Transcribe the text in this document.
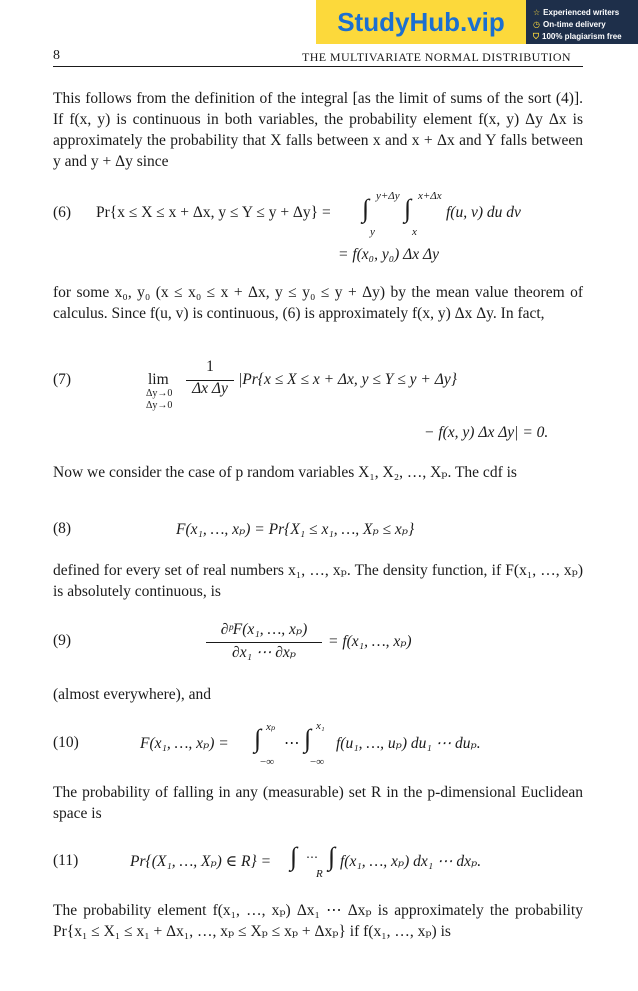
StudyHub.vip	☆ Experienced writers
◷ On-time delivery
⛉ 100% plagiarism free
8	THE MULTIVARIATE NORMAL DISTRIBUTION
This follows from the definition of the integral [as the limit of sums of the sort (4)]. If f(x, y) is continuous in both variables, the probability element f(x, y) Δy Δx is approximately the probability that X falls between x and x + Δx and Y falls between y and y + Δy since
(6) Pr{x ≤ X ≤ x + Δx, y ≤ Y ≤ y + Δy} = ∫ y+Δy
y
∫ x+Δx
x
f(u, v) du dv
= f(x₀, y₀) Δx Δy
for some x₀, y₀ (x ≤ x₀ ≤ x + Δx, y ≤ y₀ ≤ y + Δy) by the mean value theorem of calculus. Since f(u, v) is continuous, (6) is approximately f(x, y) Δx Δy. In fact,
(7)	lim
Δy→0
Δy→0
1
Δx Δy
|Pr{x ≤ X ≤ x + Δx, y ≤ Y ≤ y + Δy}
− f(x, y) Δx Δy| = 0.
Now we consider the case of p random variables X₁, X₂, …, Xₚ. The cdf is
(8)	F(x₁, …, xₚ) = Pr{X₁ ≤ x₁, …, Xₚ ≤ xₚ}
defined for every set of real numbers x₁, …, xₚ. The density function, if F(x₁, …, xₚ) is absolutely continuous, is
(9)
∂ᵖF(x₁, …, xₚ)
∂x₁ ⋯ ∂xₚ
= f(x₁, …, xₚ)
(almost everywhere), and
(10)	F(x₁, …, xₚ) = ∫ xₚ
−∞
⋯ ∫ x₁
−∞
f(u₁, …, uₚ) du₁ ⋯ duₚ.
The probability of falling in any (measurable) set R in the p-dimensional Euclidean space is
(11)	Pr{(X₁, …, Xₚ) ∈ R} = ∫ ⋯
R
∫ f(x₁, …, xₚ) dx₁ ⋯ dxₚ.
The probability element f(x₁, …, xₚ) Δx₁ ⋯ Δxₚ is approximately the probability Pr{x₁ ≤ X₁ ≤ x₁ + Δx₁, …, xₚ ≤ Xₚ ≤ xₚ + Δxₚ} if f(x₁, …, xₚ) is
